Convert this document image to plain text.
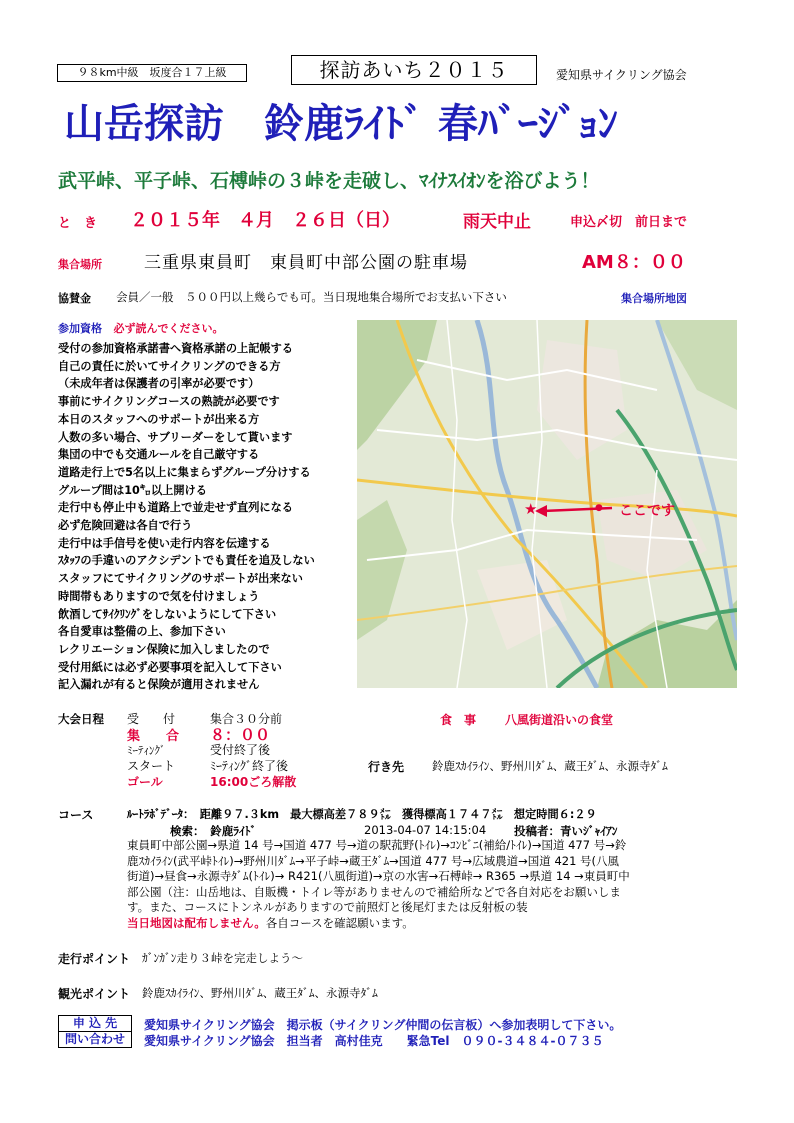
９８km中級　坂度合１７上級	探訪あいち２０１５	愛知県サイクリング協会
山岳探訪　鈴鹿ﾗｲﾄﾞ 春ﾊﾞｰｼﾞｮﾝ
武平峠、平子峠、石榑峠の３峠を走破し、ﾏｲﾅｽｲｵﾝを浴びよう！
と　き ２０１５年　４月　２６日（日）	雨天中止	申込〆切　前日まで
集合場所 三重県東員町　東員町中部公園の駐車場	AM８：００
協賛金 会員／一般　５００円以上幾らでも可。当日現地集合場所でお支払い下さい	集合場所地図
参加資格 必ず読んでください。
受付の参加資格承諾書へ資格承諾の上記帳する
自己の責任に於いてサイクリングのできる方
（未成年者は保護者の引率が必要です）
事前にサイクリングコースの熟読が必要です
本日のスタッフへのサポートが出来る方
人数の多い場合、サブリーダーをして貰います
集団の中でも交通ルールを自己厳守する
道路走行上で5名以上に集まらずグループ分けする
グループ間は10㌔以上開ける
走行中も停止中も道路上で並走せず直列になる
必ず危険回避は各自で行う
走行中は手信号を使い走行内容を伝達する
ｽﾀｯﾌの手違いのアクシデントでも責任を追及しない
スタッフにてサイクリングのサポートが出来ない
時間帯もありますので気を付けましょう
飲酒してｻｲｸﾘﾝｸﾞをしないようにして下さい
各自愛車は整備の上、参加下さい
レクリエーション保険に加入しましたので
受付用紙には必ず必要事項を記入して下さい
記入漏れが有ると保険が適用されません
★	● ここです
大会日程 受　　付	集合３０分前
集　　合 ８：００
ﾐｰﾃｨﾝｸﾞ	受付終了後
スタート	ﾐｰﾃｨﾝｸﾞ終了後
ゴール	16:00ごろ解散
食　事 八風街道沿いの食堂
行き先 鈴鹿ｽｶｲﾗｲﾝ、野州川ﾀﾞﾑ、蔵王ﾀﾞﾑ、永源寺ﾀﾞﾑ
コース	ﾙｰﾄﾗﾎﾞﾃﾞｰﾀ：　距離９７.３km　最大標高差７８９㍍　獲得標高１７４７㍍　想定時間６:２９
検索：　鈴鹿ﾗｲﾄﾞ	2013-04-07 14:15:04 投稿者：青いｼﾞｬｲｱﾝ
東員町中部公園→県道 14 号→国道 477 号→道の駅菰野(ﾄｲﾚ)→ｺﾝﾋﾞﾆ(補給/ﾄｲﾚ)→国道 477 号→鈴
鹿ｽｶｲﾗｲﾝ(武平峠ﾄｲﾚ)→野州川ﾀﾞﾑ→平子峠→蔵王ﾀﾞﾑ→国道 477 号→広域農道→国道 421 号(八風
街道)→昼食→永源寺ﾀﾞﾑ(ﾄｲﾚ)→ R421(八風街道)→京の水害→石榑峠→ R365 →県道 14 →東員町中
部公園（注：山岳地は、自販機・トイレ等がありませんので補給所などで各自対応をお願いしま
す。また、コースにトンネルがありますので前照灯と後尾灯または反射板の装
当日地図は配布しません。各自コースを確認願います。
走行ポイント ｶﾞﾝｶﾞﾝ走り３峠を完走しよう～
観光ポイント 鈴鹿ｽｶｲﾗｲﾝ、野州川ﾀﾞﾑ、蔵王ﾀﾞﾑ、永源寺ﾀﾞﾑ
申 込 先	愛知県サイクリング協会　掲示板（サイクリング仲間の伝言板）へ参加表明して下さい。
問い合わせ	愛知県サイクリング協会　担当者　高村佳克　　緊急Tel　０９０-３４８４-０７３５
